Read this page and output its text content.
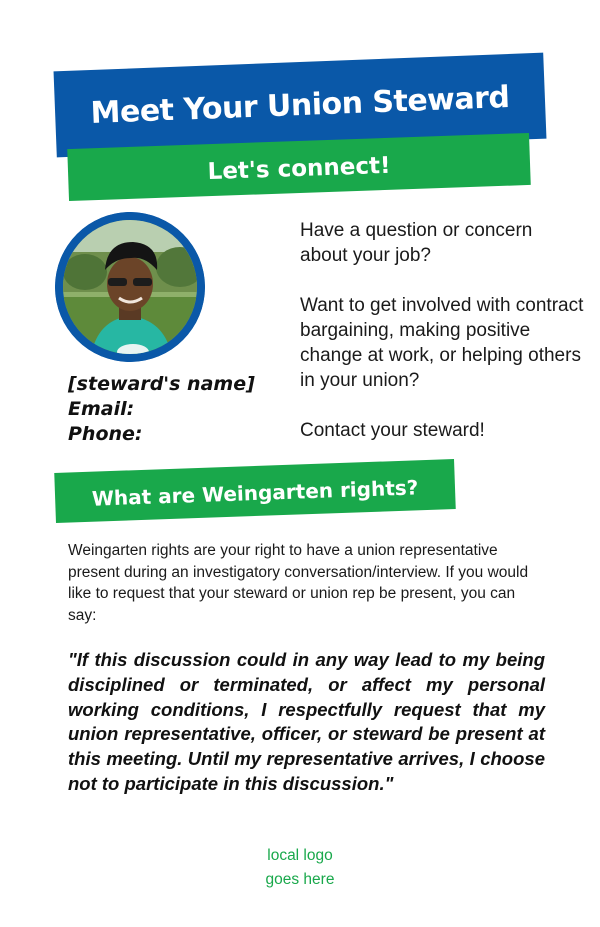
Meet Your Union Steward
Let's connect!
[steward's name]
Email:
Phone:

Have a question or concern about your job?

Want to get involved with contract bargaining, making positive change at work, or helping others in your union?

Contact your steward!

What are Weingarten rights?
Weingarten rights are your right to have a union representative present during an investigatory conversation/interview. If you would like to request that your steward or union rep be present, you can say:
"If this discussion could in any way lead to my being disciplined or terminated, or affect my personal working conditions, I respectfully request that my union representative, officer, or steward be present at this meeting. Until my representative arrives, I choose not to participate in this discussion."
local logo
goes here
